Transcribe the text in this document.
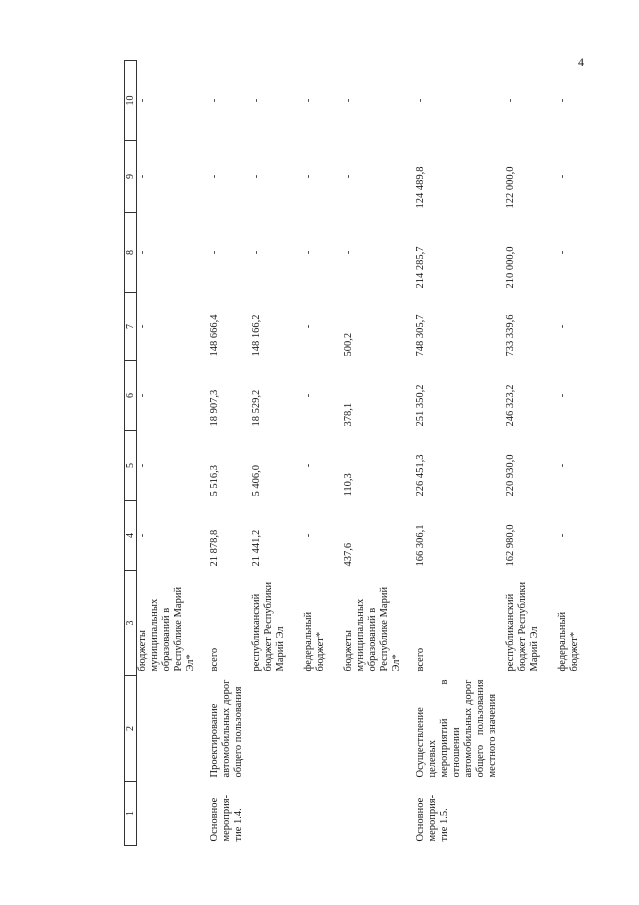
4
1	2	3	4	5	6	7	8	9	10
		бюджеты муниципальных образований в Республике Марий Эл*	-	-	-	-	-	-	-
Основное мероприя-тие 1.4.	Проектирование автомобильных дорог общего пользования	всего	21 878,8	5 516,3	18 907,3	148 666,4	-	-	-
		республиканский бюджет Республики Марий Эл	21 441,2	5 406,0	18 529,2	148 166,2	-	-	-
		федеральный бюджет*	-	-	-	-	-	-	-
		бюджеты муниципальных образований в Республике Марий Эл*	437,6	110,3	378,1	500,2	-	-	-
Основное мероприя-тие 1.5.	Осуществление целевых мероприятий в отношении автомобильных дорог общего пользования местного значения	всего	166 306,1	226 451,3	251 350,2	748 305,7	214 285,7	124 489,8	-
		республиканский бюджет Республики Марий Эл	162 980,0	220 930,0	246 323,2	733 339,6	210 000,0	122 000,0	-
		федеральный бюджет*	-	-	-	-	-	-	-
